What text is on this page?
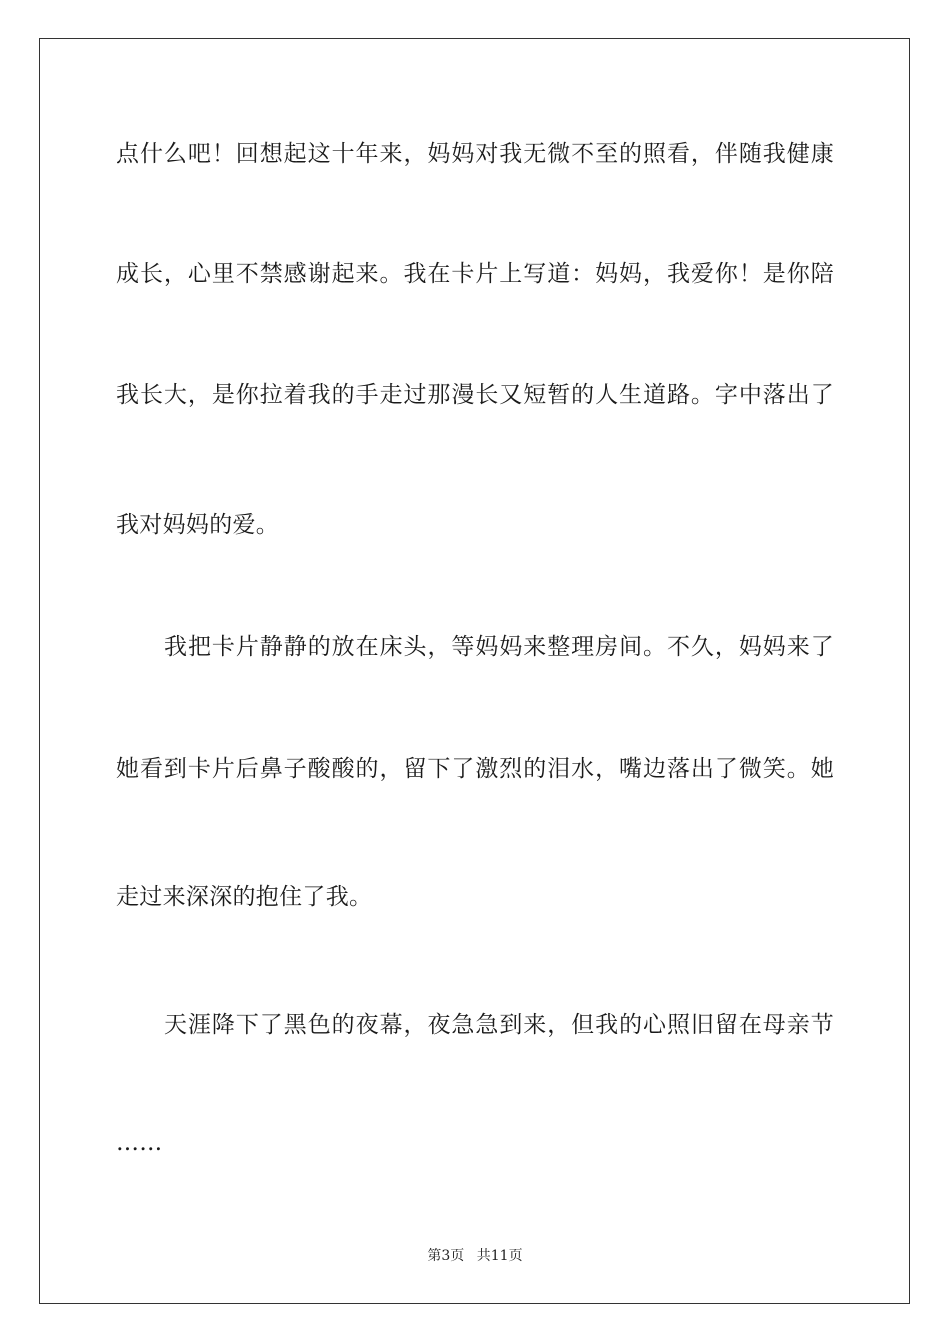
点什么吧！回想起这十年来，妈妈对我无微不至的照看，伴随我健康
成长，心里不禁感谢起来。我在卡片上写道：妈妈，我爱你！是你陪
我长大，是你拉着我的手走过那漫长又短暂的人生道路。字中落出了
我对妈妈的爱。
我把卡片静静的放在床头，等妈妈来整理房间。不久，妈妈来了
她看到卡片后鼻子酸酸的，留下了激烈的泪水，嘴边落出了微笑。她
走过来深深的抱住了我。
天涯降下了黑色的夜幕，夜急急到来，但我的心照旧留在母亲节
……
第3页 共11页
